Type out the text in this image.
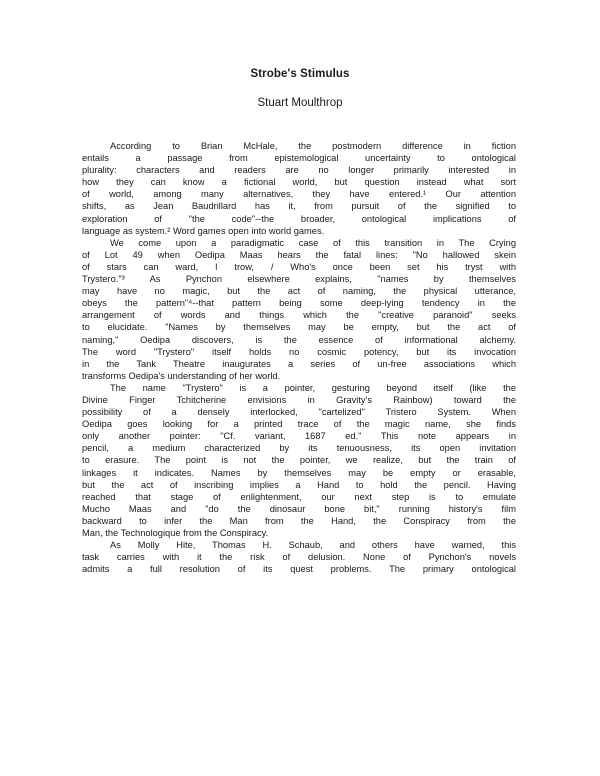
Strobe's Stimulus
Stuart Moulthrop
According to Brian McHale, the postmodern difference in fiction
entails a passage from epistemological uncertainty to ontological
plurality: characters and readers are no longer primarily interested in
how they can know a fictional world, but question instead what sort
of world, among many alternatives, they have entered.¹ Our attention
shifts, as Jean Baudrillard has it, from pursuit of the signified to
exploration of "the code"--the broader, ontological implications of
language as system.² Word games open into world games.
We come upon a paradigmatic case of this transition in The Crying
of Lot 49 when Oedipa Maas hears the fatal lines: "No hallowed skein
of stars can ward, I trow, / Who's once been set his tryst with
Trystero."³ As Pynchon elsewhere explains, "names by themselves
may have no magic, but the act of naming, the physical utterance,
obeys the pattern"⁴--that pattern being some deep-lying tendency in the
arrangement of words and things which the "creative paranoid" seeks
to elucidate. "Names by themselves may be empty, but the act of
naming," Oedipa discovers, is the essence of informational alchemy.
The word "Trystero" itself holds no cosmic potency, but its invocation
in the Tank Theatre inaugurates a series of un-free associations which
transforms Oedipa's understanding of her world.
The name "Trystero" is a pointer, gesturing beyond itself (like the
Divine Finger Tchitcherine envisions in Gravity's Rainbow) toward the
possibility of a densely interlocked, "cartelized" Tristero System. When
Oedipa goes looking for a printed trace of the magic name, she finds
only another pointer: "Cf. variant, 1687 ed." This note appears in
pencil, a medium characterized by its tenuousness, its open invitation
to erasure. The point is not the pointer, we realize, but the train of
linkages it indicates. Names by themselves may be empty or erasable,
but the act of inscribing implies a Hand to hold the pencil. Having
reached that stage of enlightenment, our next step is to emulate
Mucho Maas and "do the dinosaur bone bit," running history's film
backward to infer the Man from the Hand, the Conspiracy from the
Man, the Technologique from the Conspiracy.
As Molly Hite, Thomas H. Schaub, and others have warned, this
task carries with it the risk of delusion. None of Pynchon's novels
admits a full resolution of its quest problems. The primary ontological
